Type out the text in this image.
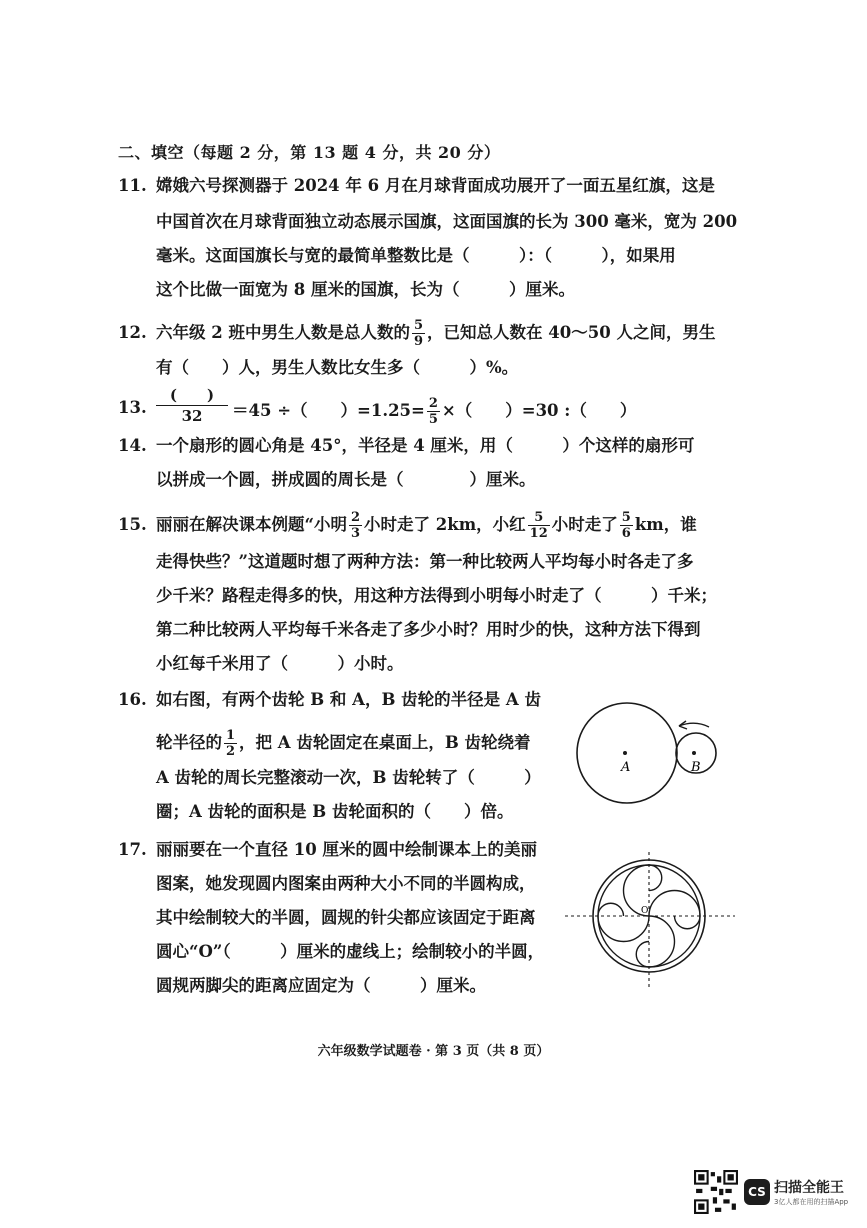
二、填空（每题 2 分，第 13 题 4 分，共 20 分）
11. 嫦娥六号探测器于 2024 年 6 月在月球背面成功展开了一面五星红旗，这是
中国首次在月球背面独立动态展示国旗，这面国旗的长为 300 毫米，宽为 200
毫米。这面国旗长与宽的最简单整数比是（　　　）：（　　　），如果用
这个比做一面宽为 8 厘米的国旗，长为（　　　）厘米。
12. 六年级 2 班中男生人数是总人数的 $\frac{5}{9}$ ，已知总人数在 40～50 人之间，男生
有（　　）人，男生人数比女生多（　　　）%。
13.
(　　)
32 ＝45 ÷（　　）$=1.25= \frac{2}{5}$ ×（　　）=30 :（　　）
14. 一个扇形的圆心角是 45°，半径是 4 厘米，用（　　　）个这样的扇形可
以拼成一个圆，拼成圆的周长是（　　　　）厘米。
15. 丽丽在解决课本例题“小明 $\frac{2}{3}$ 小时走了 2km，小红 $\frac{5}{12}$ 小时走了 $\frac{5}{6}$ km，谁
走得快些？”这道题时想了两种方法：第一种比较两人平均每小时各走了多
少千米？路程走得多的快，用这种方法得到小明每小时走了（　　　）千米；
第二种比较两人平均每千米各走了多少小时？用时少的快，这种方法下得到
小红每千米用了（　　　）小时。
16. 如右图，有两个齿轮 B 和 A，B 齿轮的半径是 A 齿
轮半径的 $\frac{1}{2}$ ，把 A 齿轮固定在桌面上，B 齿轮绕着
A 齿轮的周长完整滚动一次，B 齿轮转了（　　　）
圈；A 齿轮的面积是 B 齿轮面积的（　　）倍。
A	B
17. 丽丽要在一个直径 10 厘米的圆中绘制课本上的美丽
图案，她发现圆内图案由两种大小不同的半圆构成，
其中绘制较大的半圆，圆规的针尖都应该固定于距离
圆心“O”（　　　）厘米的虚线上；绘制较小的半圆，
圆规两脚尖的距离应固定为（　　　）厘米。
O
六年级数学试题卷 · 第 3 页（共 8 页）
CS 扫描全能王
3亿人都在用的扫描App
